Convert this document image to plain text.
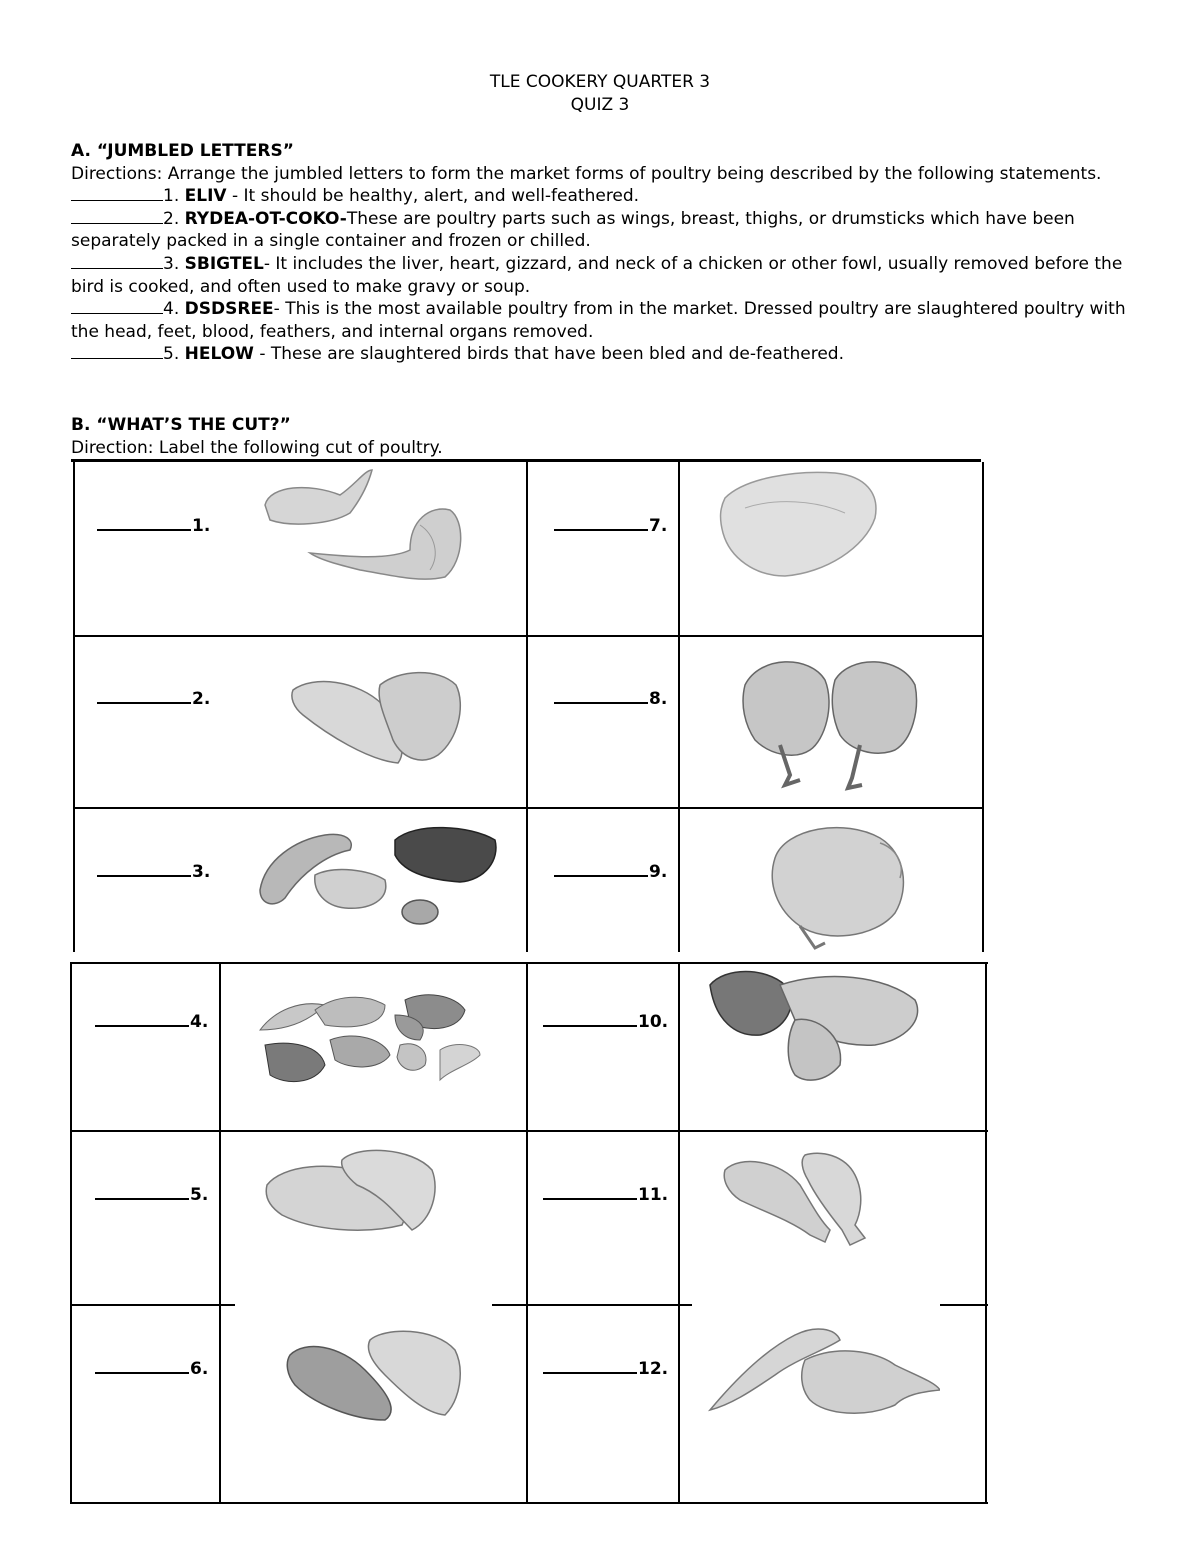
TLE COOKERY QUARTER 3
QUIZ 3
A. “JUMBLED LETTERS”
Directions: Arrange the jumbled letters to form the market forms of poultry being described by the following statements.
1. ELIV - It should be healthy, alert, and well-feathered.
2. RYDEA-OT-COKO-These are poultry parts such as wings, breast, thighs, or drumsticks which have been separately packed in a single container and frozen or chilled.
3. SBIGTEL- It includes the liver, heart, gizzard, and neck of a chicken or other fowl, usually removed before the bird is cooked, and often used to make gravy or soup.
4. DSDSREE- This is the most available poultry from in the market. Dressed poultry are slaughtered poultry with the head, feet, blood, feathers, and internal organs removed.
5. HELOW - These are slaughtered birds that have been bled and de-feathered.
B. “WHAT’S THE CUT?”
Direction: Label the following cut of poultry.
1.
2.
3.
4.
5.
6.
7.
8.
9.
10.
11.
12.
